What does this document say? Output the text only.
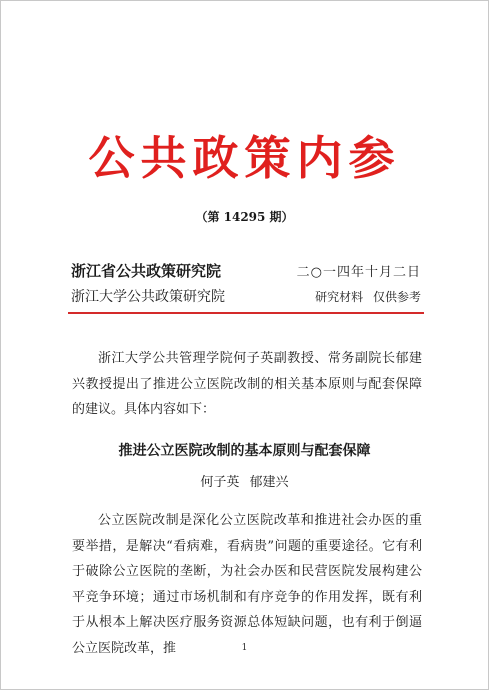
公共政策内参
（第 14295 期）
浙江省公共政策研究院	二○一四年十月二日
浙江大学公共政策研究院	研究材料 仅供参考

浙江大学公共管理学院何子英副教授、常务副院长郁建兴教授提出了推进公立医院改制的相关基本原则与配套保障的建议。具体内容如下：

推进公立医院改制的基本原则与配套保障
何子英 郁建兴

公立医院改制是深化公立医院改革和推进社会办医的重要举措，是解决“看病难，看病贵”问题的重要途径。它有利于破除公立医院的垄断，为社会办医和民营医院发展构建公平竞争环境；通过市场机制和有序竞争的作用发挥，既有利于从根本上解决医疗服务资源总体短缺问题，也有利于倒逼公立医院改革，推	1
